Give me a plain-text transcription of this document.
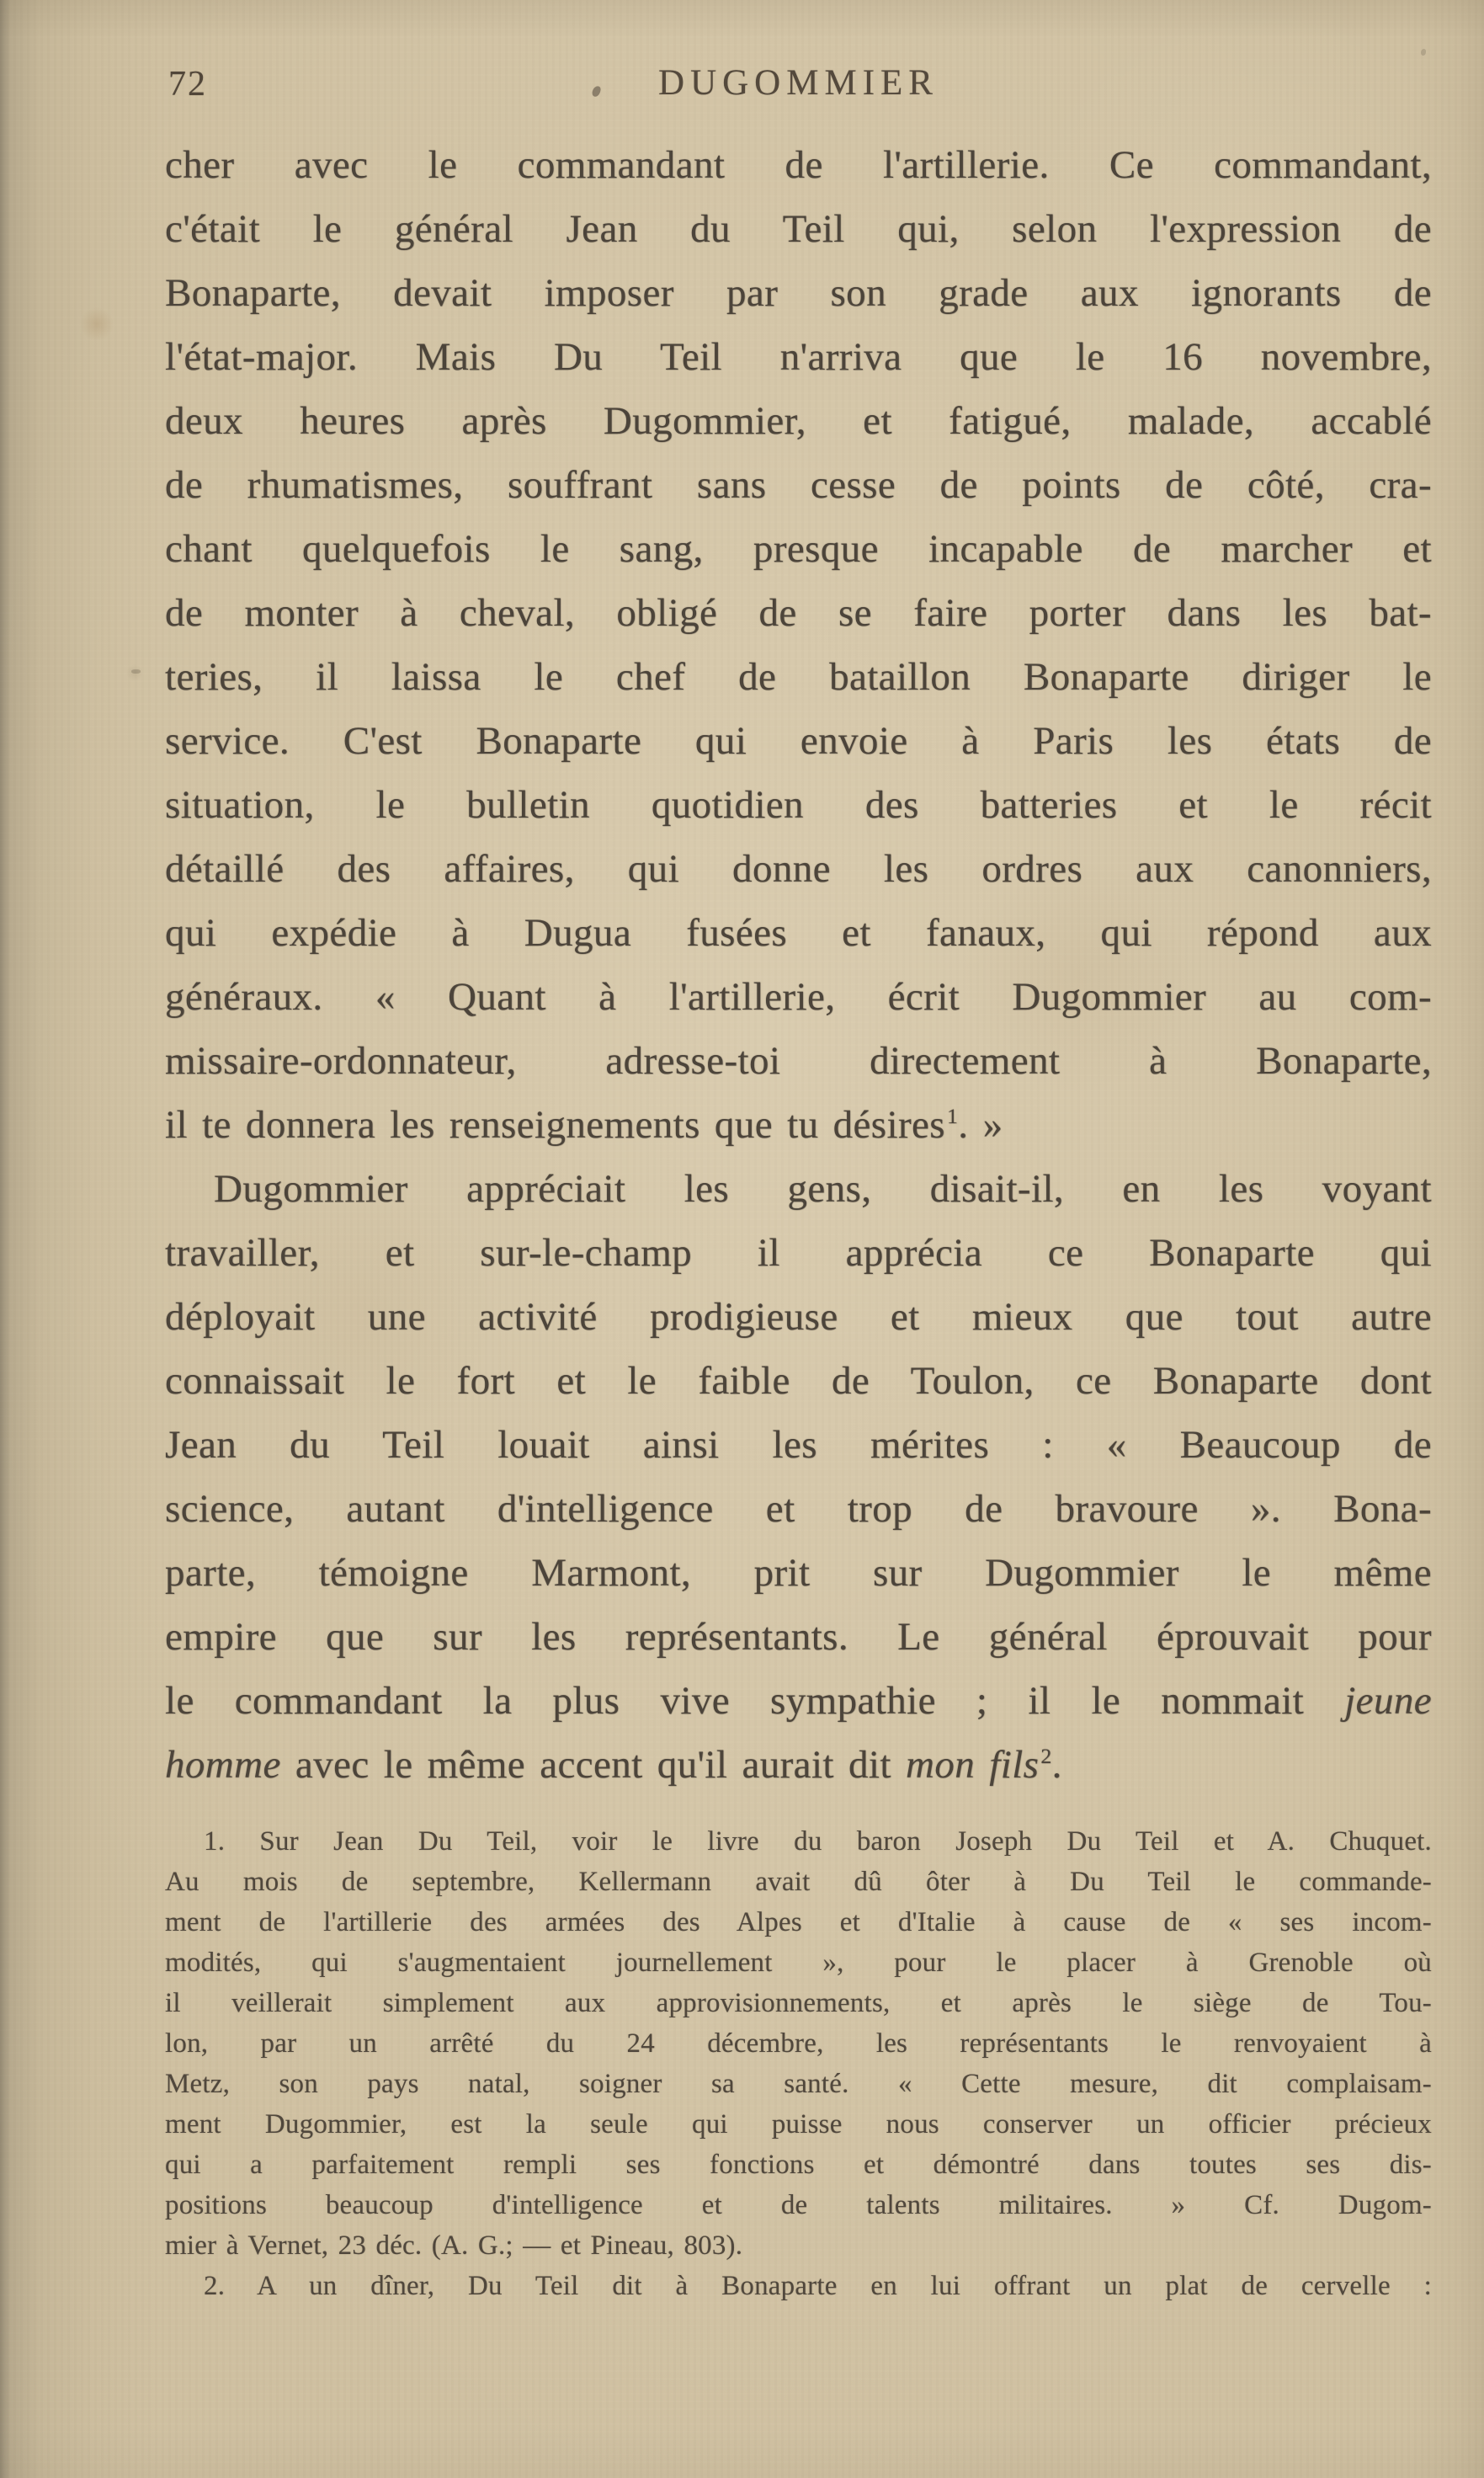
72	DUGOMMIER
cher avec le commandant de l'artillerie. Ce commandant,
c'était le général Jean du Teil qui, selon l'expression de
Bonaparte, devait imposer par son grade aux ignorants de
l'état-major. Mais Du Teil n'arriva que le 16 novembre,
deux heures après Dugommier, et fatigué, malade, accablé
de rhumatismes, souffrant sans cesse de points de côté, cra-
chant quelquefois le sang, presque incapable de marcher et
de monter à cheval, obligé de se faire porter dans les bat-
teries, il laissa le chef de bataillon Bonaparte diriger le
service. C'est Bonaparte qui envoie à Paris les états de
situation, le bulletin quotidien des batteries et le récit
détaillé des affaires, qui donne les ordres aux canonniers,
qui expédie à Dugua fusées et fanaux, qui répond aux
généraux. « Quant à l'artillerie, écrit Dugommier au com-
missaire-ordonnateur, adresse-toi directement à Bonaparte,
il te donnera les renseignements que tu désires$^1$. »
Dugommier appréciait les gens, disait-il, en les voyant
travailler, et sur-le-champ il apprécia ce Bonaparte qui
déployait une activité prodigieuse et mieux que tout autre
connaissait le fort et le faible de Toulon, ce Bonaparte dont
Jean du Teil louait ainsi les mérites : « Beaucoup de
science, autant d'intelligence et trop de bravoure ». Bona-
parte, témoigne Marmont, prit sur Dugommier le même
empire que sur les représentants. Le général éprouvait pour
le commandant la plus vive sympathie ; il le nommait jeune
homme avec le même accent qu'il aurait dit mon fils$^2$.
1. Sur Jean Du Teil, voir le livre du baron Joseph Du Teil et A. Chuquet.
Au mois de septembre, Kellermann avait dû ôter à Du Teil le commande-
ment de l'artillerie des armées des Alpes et d'Italie à cause de « ses incom-
modités, qui s'augmentaient journellement », pour le placer à Grenoble où
il veillerait simplement aux approvisionnements, et après le siège de Tou-
lon, par un arrêté du 24 décembre, les représentants le renvoyaient à
Metz, son pays natal, soigner sa santé. « Cette mesure, dit complaisam-
ment Dugommier, est la seule qui puisse nous conserver un officier précieux
qui a parfaitement rempli ses fonctions et démontré dans toutes ses dis-
positions beaucoup d'intelligence et de talents militaires. » Cf. Dugom-
mier à Vernet, 23 déc. (A. G.; — et Pineau, 803).
2. A un dîner, Du Teil dit à Bonaparte en lui offrant un plat de cervelle :
